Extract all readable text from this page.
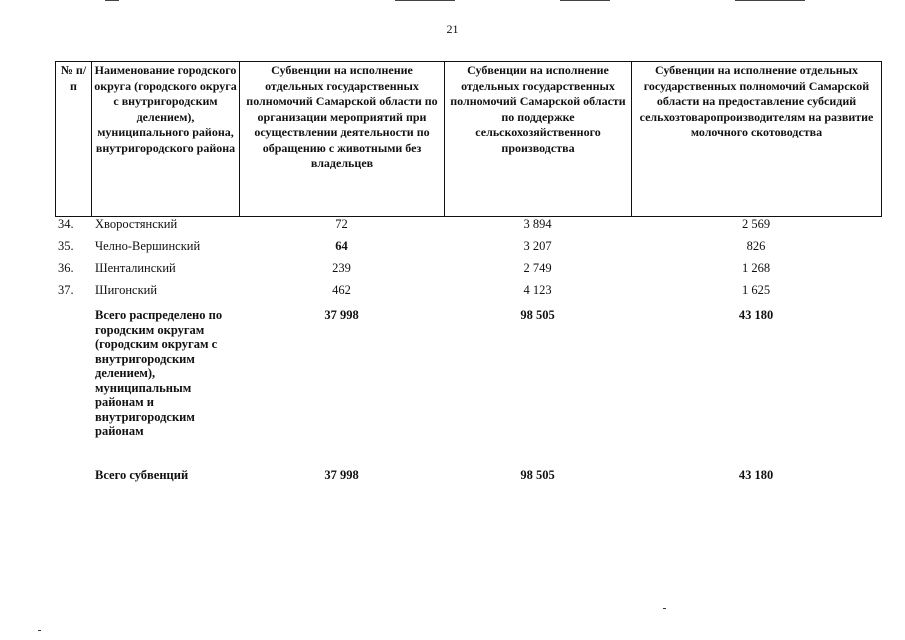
21
№ п/п	Наименование городского округа (городского округа с внутригородским делением), муниципального района, внутригородского района	Субвенции на исполнение отдельных государственных полномочий Самарской области по организации мероприятий при осуществлении деятельности по обращению с животными без владельцев	Субвенции на исполнение отдельных государственных полномочий Самарской области по поддержке сельскохозяйственного производства	Субвенции на исполнение отдельных государственных полномочий Самарской области на предоставление субсидий сельхозтоваропроизводителям на развитие молочного скотоводства
34.	Хворостянский	72	3 894	2 569
35.	Челно-Вершинский	64	3 207	826
36.	Шенталинский	239	2 749	1 268
37.	Шигонский	462	4 123	1 625
	Всего распределено по городским округам (городским округам с внутригородским делением), муниципальным районам и внутригородским районам	37 998	98 505	43 180
	Всего субвенций	37 998	98 505	43 180
